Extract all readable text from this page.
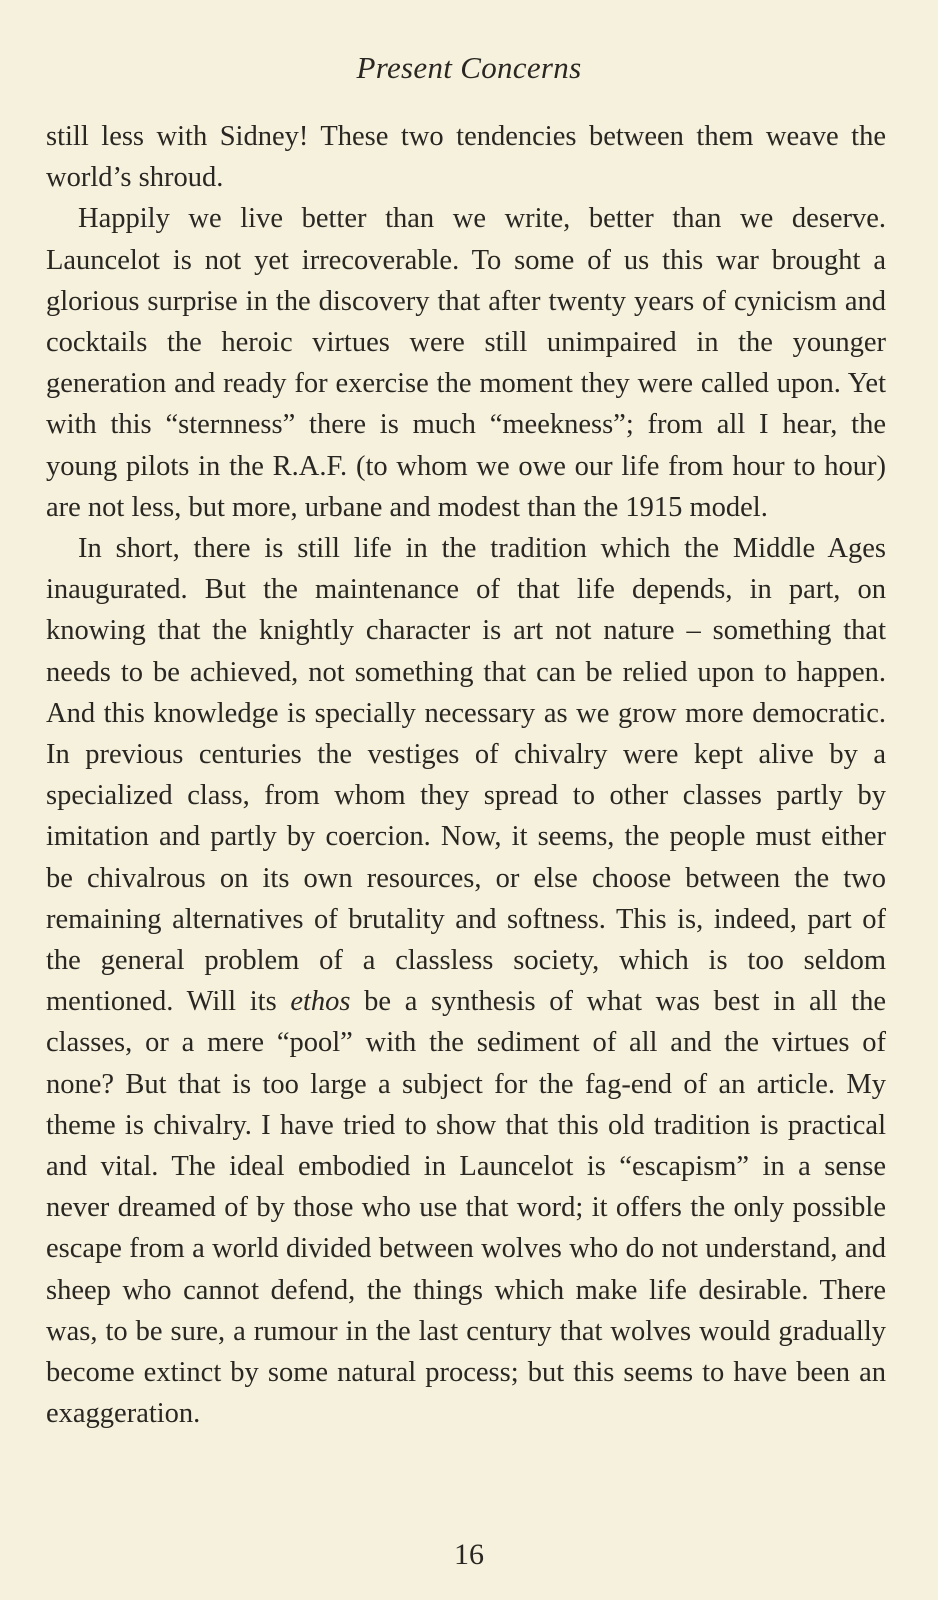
Present Concerns

still less with Sidney! These two tendencies between them weave the world’s shroud.

Happily we live better than we write, better than we deserve. Launcelot is not yet irrecoverable. To some of us this war brought a glorious surprise in the discovery that after twenty years of cynicism and cocktails the heroic virtues were still unimpaired in the younger generation and ready for exercise the moment they were called upon. Yet with this “sternness” there is much “meekness”; from all I hear, the young pilots in the R.A.F. (to whom we owe our life from hour to hour) are not less, but more, urbane and modest than the 1915 model.

In short, there is still life in the tradition which the Middle Ages inaugurated. But the maintenance of that life depends, in part, on knowing that the knightly character is art not nature – something that needs to be achieved, not something that can be relied upon to happen. And this knowledge is specially necessary as we grow more democratic. In previous centuries the vestiges of chivalry were kept alive by a specialized class, from whom they spread to other classes partly by imitation and partly by coercion. Now, it seems, the people must either be chivalrous on its own resources, or else choose between the two remaining alternatives of brutality and softness. This is, indeed, part of the general problem of a classless society, which is too seldom mentioned. Will its ethos be a synthesis of what was best in all the classes, or a mere “pool” with the sediment of all and the virtues of none? But that is too large a subject for the fag-end of an article. My theme is chivalry. I have tried to show that this old tradition is practical and vital. The ideal embodied in Launcelot is “escapism” in a sense never dreamed of by those who use that word; it offers the only possible escape from a world divided between wolves who do not understand, and sheep who cannot defend, the things which make life desirable. There was, to be sure, a rumour in the last century that wolves would gradually become extinct by some natural process; but this seems to have been an exaggeration.

16
